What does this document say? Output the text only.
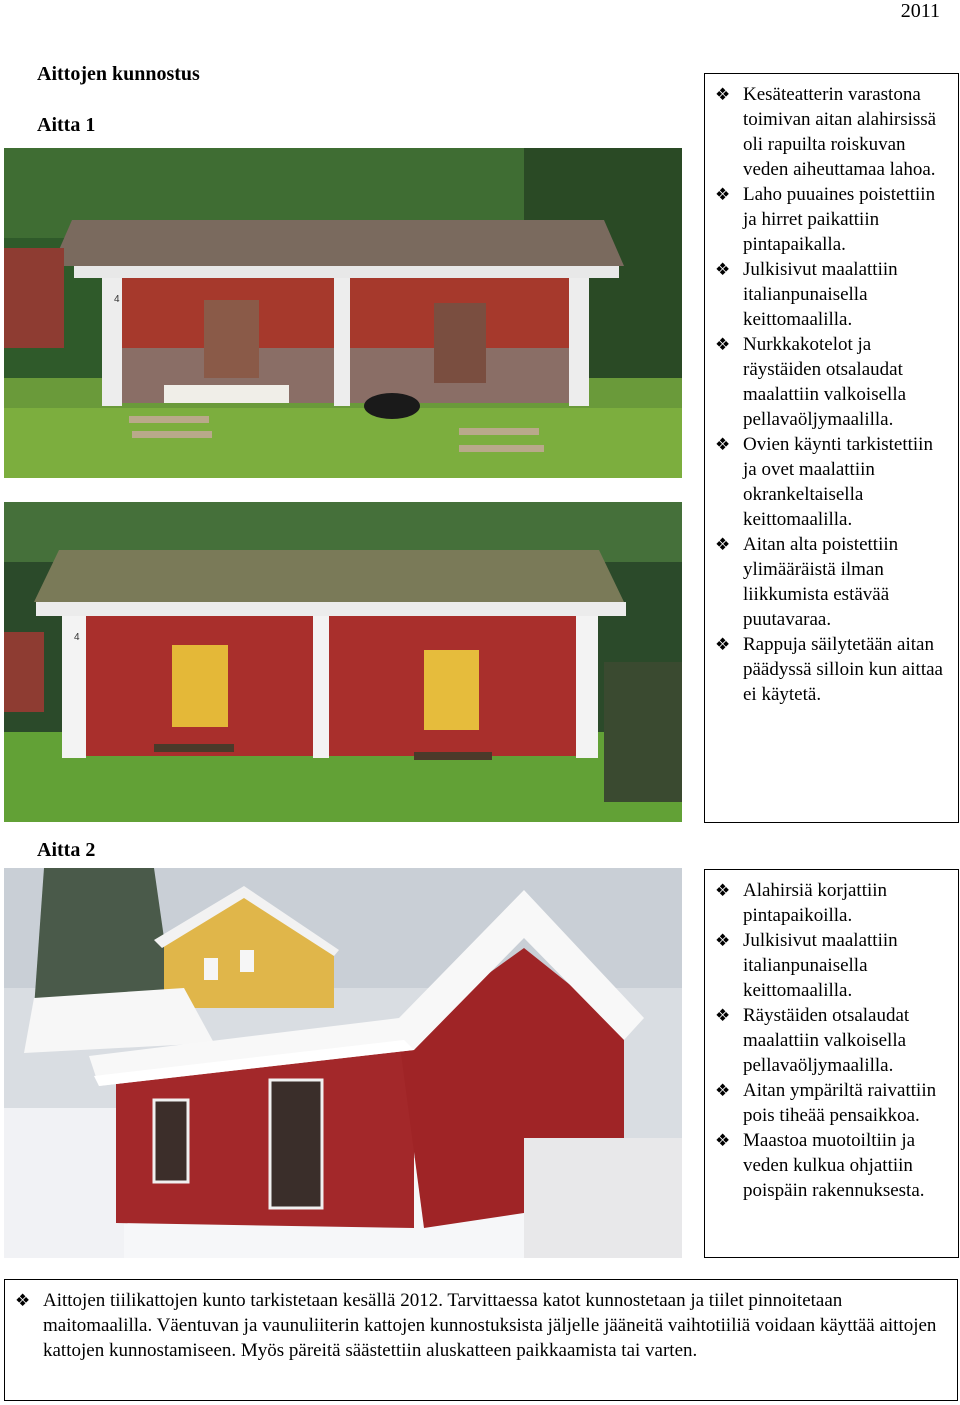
2011
Aittojen kunnostus
Aitta 1
4
4
❖ Kesäteatterin varastona toimivan aitan alahirsissä oli rapuilta roiskuvan veden aiheuttamaa lahoa.
❖ Laho puuaines poistettiin ja hirret paikattiin pintapaikalla.
❖ Julkisivut maalattiin italianpunaisella keittomaalilla.
❖ Nurkkakotelot ja räystäiden otsalaudat maalattiin valkoisella pellavaöljymaalilla.
❖ Ovien käynti tarkistettiin ja ovet maalattiin okrankeltaisella keittomaalilla.
❖ Aitan alta poistettiin ylimääräistä ilman liikkumista estävää puutavaraa.
❖ Rappuja säilytetään aitan päädyssä silloin kun aittaa ei käytetä.
Aitta 2
❖ Alahirsiä korjattiin pintapaikoilla.
❖ Julkisivut maalattiin italianpunaisella keittomaalilla.
❖ Räystäiden otsalaudat maalattiin valkoisella pellavaöljymaalilla.
❖ Aitan ympäriltä raivattiin pois tiheää pensaikkoa.
❖ Maastoa muotoiltiin ja veden kulkua ohjattiin poispäin rakennuksesta.
❖ Aittojen tiilikattojen kunto tarkistetaan kesällä 2012. Tarvittaessa katot kunnostetaan ja tiilet pinnoitetaan maitomaalilla. Väentuvan ja vaunuliiterin kattojen kunnostuksista jäljelle jääneitä vaihtotiiliä voidaan käyttää aittojen kattojen kunnostamiseen. Myös päreitä säästettiin aluskatteen paikkaamista tai varten.
